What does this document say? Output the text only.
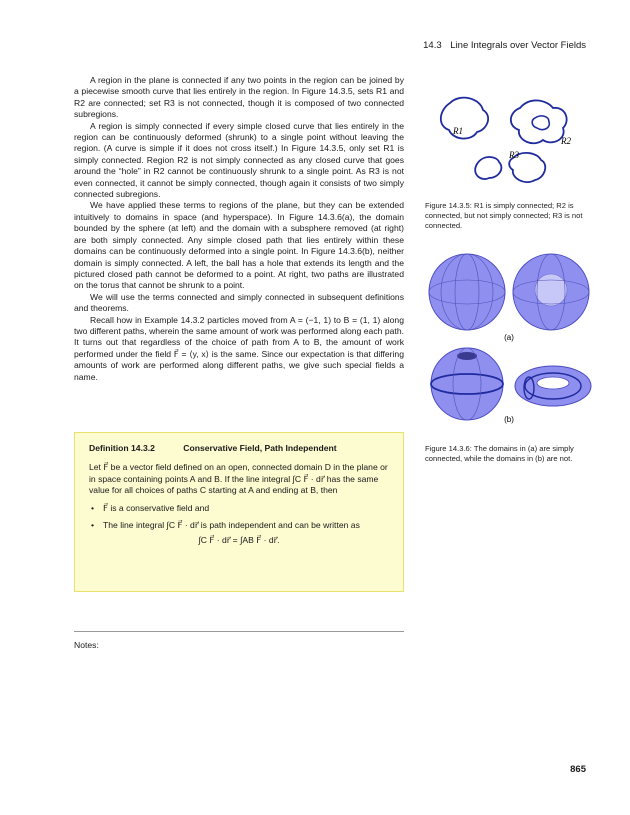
14.3 Line Integrals over Vector Fields

A region in the plane is connected if any two points in the region can be joined by a piecewise smooth curve that lies entirely in the region. In Figure 14.3.5, sets R1 and R2 are connected; set R3 is not connected, though it is composed of two connected subregions.

A region is simply connected if every simple closed curve that lies entirely in the region can be continuously deformed (shrunk) to a single point without leaving the region. (A curve is simple if it does not cross itself.) In Figure 14.3.5, only set R1 is simply connected. Region R2 is not simply connected as any closed curve that goes around the “hole” in R2 cannot be continuously shrunk to a single point. As R3 is not even connected, it cannot be simply connected, though again it consists of two simply connected subregions.

We have applied these terms to regions of the plane, but they can be extended intuitively to domains in space (and hyperspace). In Figure 14.3.6(a), the domain bounded by the sphere (at left) and the domain with a subsphere removed (at right) are both simply connected. Any simple closed path that lies entirely within these domains can be continuously deformed into a single point. In Figure 14.3.6(b), neither domain is simply connected. A left, the ball has a hole that extends its length and the pictured closed path cannot be deformed to a point. At right, two paths are illustrated on the torus that cannot be shrunk to a point.

We will use the terms connected and simply connected in subsequent definitions and theorems.

Recall how in Example 14.3.2 particles moved from A = (−1, 1) to B = (1, 1) along two different paths, wherein the same amount of work was performed along each path. It turns out that regardless of the choice of path from A to B, the amount of work performed under the field F⃗ = ⟨y, x⟩ is the same. Since our expectation is that differing amounts of work are performed along different paths, we give such special fields a name.

Definition 14.3.2	Conservative Field, Path Independent
Let F⃗ be a vector field defined on an open, connected domain D in the plane or in space containing points A and B. If the line integral ∫C F⃗ · dr⃗ has the same value for all choices of paths C starting at A and ending at B, then
• F⃗ is a conservative field and
• The line integral ∫C F⃗ · dr⃗ is path independent and can be written as
∫C F⃗ · dr⃗ = ∫AB F⃗ · dr⃗.
R1
R2
R3
Figure 14.3.5: R1 is simply connected; R2 is connected, but not simply connected; R3 is not connected.
(a)
(b)
Figure 14.3.6: The domains in (a) are simply connected, while the domains in (b) are not.
Notes:
865
